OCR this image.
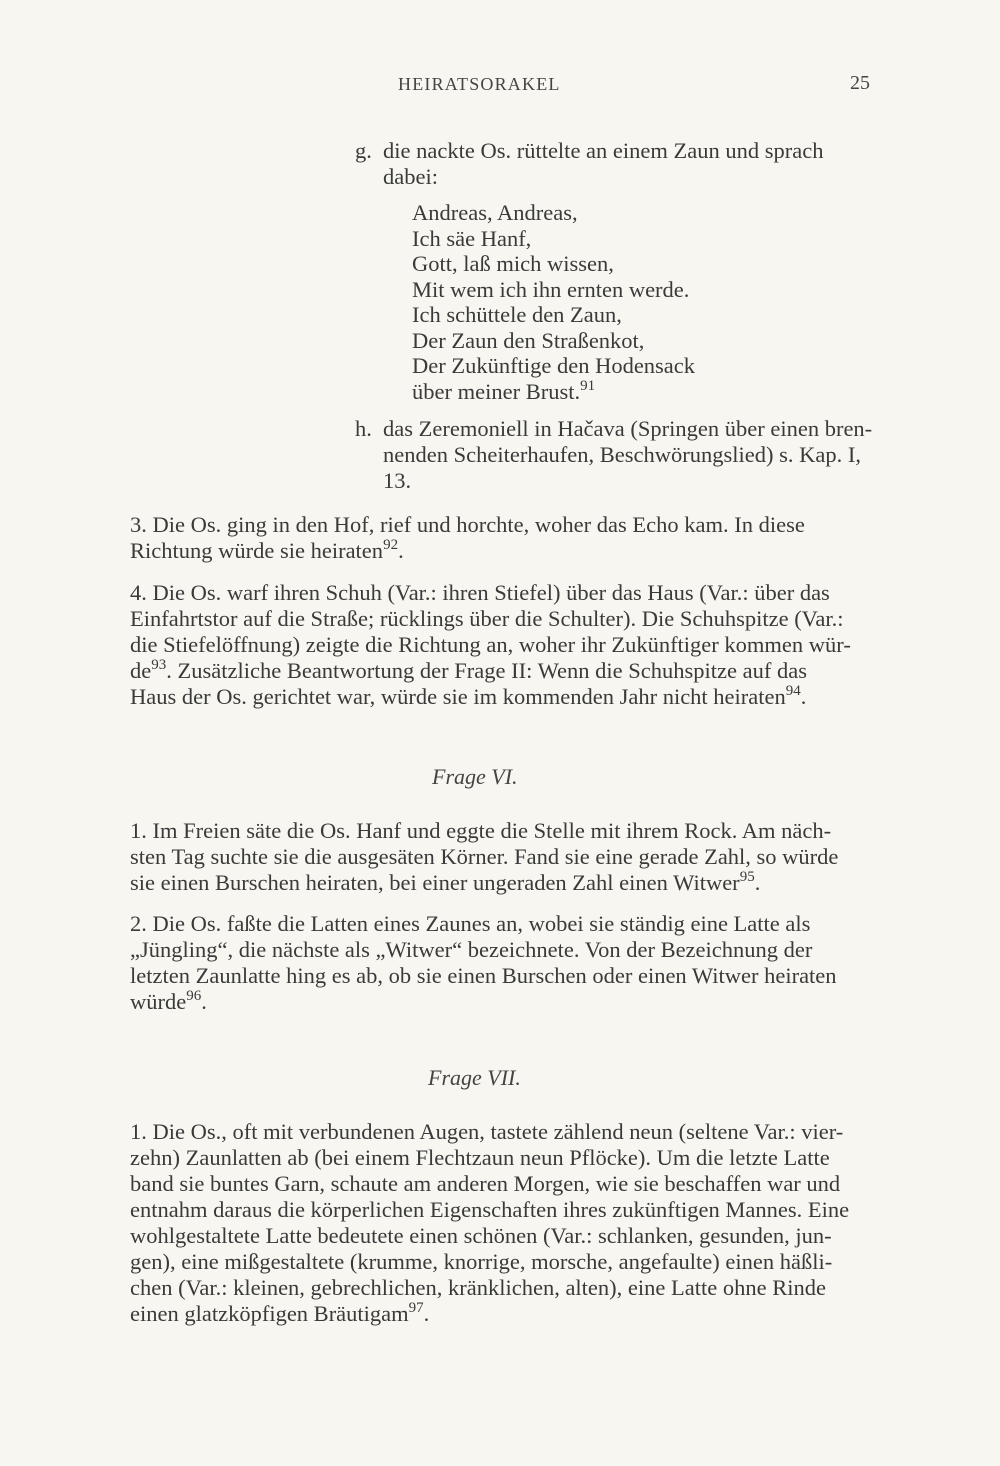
HEIRATSORAKEL	25
g. die nackte Os. rüttelte an einem Zaun und sprach
dabei:
Andreas, Andreas,
Ich säe Hanf,
Gott, laß mich wissen,
Mit wem ich ihn ernten werde.
Ich schüttele den Zaun,
Der Zaun den Straßenkot,
Der Zukünftige den Hodensack
über meiner Brust.$^{91}$
h. das Zeremoniell in Hačava (Springen über einen bren-
nenden Scheiterhaufen, Beschwörungslied) s. Kap. I,
13.
3. Die Os. ging in den Hof, rief und horchte, woher das Echo kam. In diese
Richtung würde sie heiraten$^{92}$.
4. Die Os. warf ihren Schuh (Var.: ihren Stiefel) über das Haus (Var.: über das
Einfahrtstor auf die Straße; rücklings über die Schulter). Die Schuhspitze (Var.:
die Stiefelöffnung) zeigte die Richtung an, woher ihr Zukünftiger kommen wür-
$de^{93}$. Zusätzliche Beantwortung der Frage II: Wenn die Schuhspitze auf das
Haus der Os. gerichtet war, würde sie im kommenden Jahr nicht heiraten$^{94}$.
Frage VI.
1. Im Freien säte die Os. Hanf und eggte die Stelle mit ihrem Rock. Am näch-
sten Tag suchte sie die ausgesäten Körner. Fand sie eine gerade Zahl, so würde
sie einen Burschen heiraten, bei einer ungeraden Zahl einen Witwer$^{95}$.
2. Die Os. faßte die Latten eines Zaunes an, wobei sie ständig eine Latte als
„Jüngling“, die nächste als „Witwer“ bezeichnete. Von der Bezeichnung der
letzten Zaunlatte hing es ab, ob sie einen Burschen oder einen Witwer heiraten
würde$^{96}$.
Frage VII.
1. Die Os., oft mit verbundenen Augen, tastete zählend neun (seltene Var.: vier-
zehn) Zaunlatten ab (bei einem Flechtzaun neun Pflöcke). Um die letzte Latte
band sie buntes Garn, schaute am anderen Morgen, wie sie beschaffen war und
entnahm daraus die körperlichen Eigenschaften ihres zukünftigen Mannes. Eine
wohlgestaltete Latte bedeutete einen schönen (Var.: schlanken, gesunden, jun-
gen), eine mißgestaltete (krumme, knorrige, morsche, angefaulte) einen häßli-
chen (Var.: kleinen, gebrechlichen, kränklichen, alten), eine Latte ohne Rinde
einen glatzköpfigen Bräutigam$^{97}$.
